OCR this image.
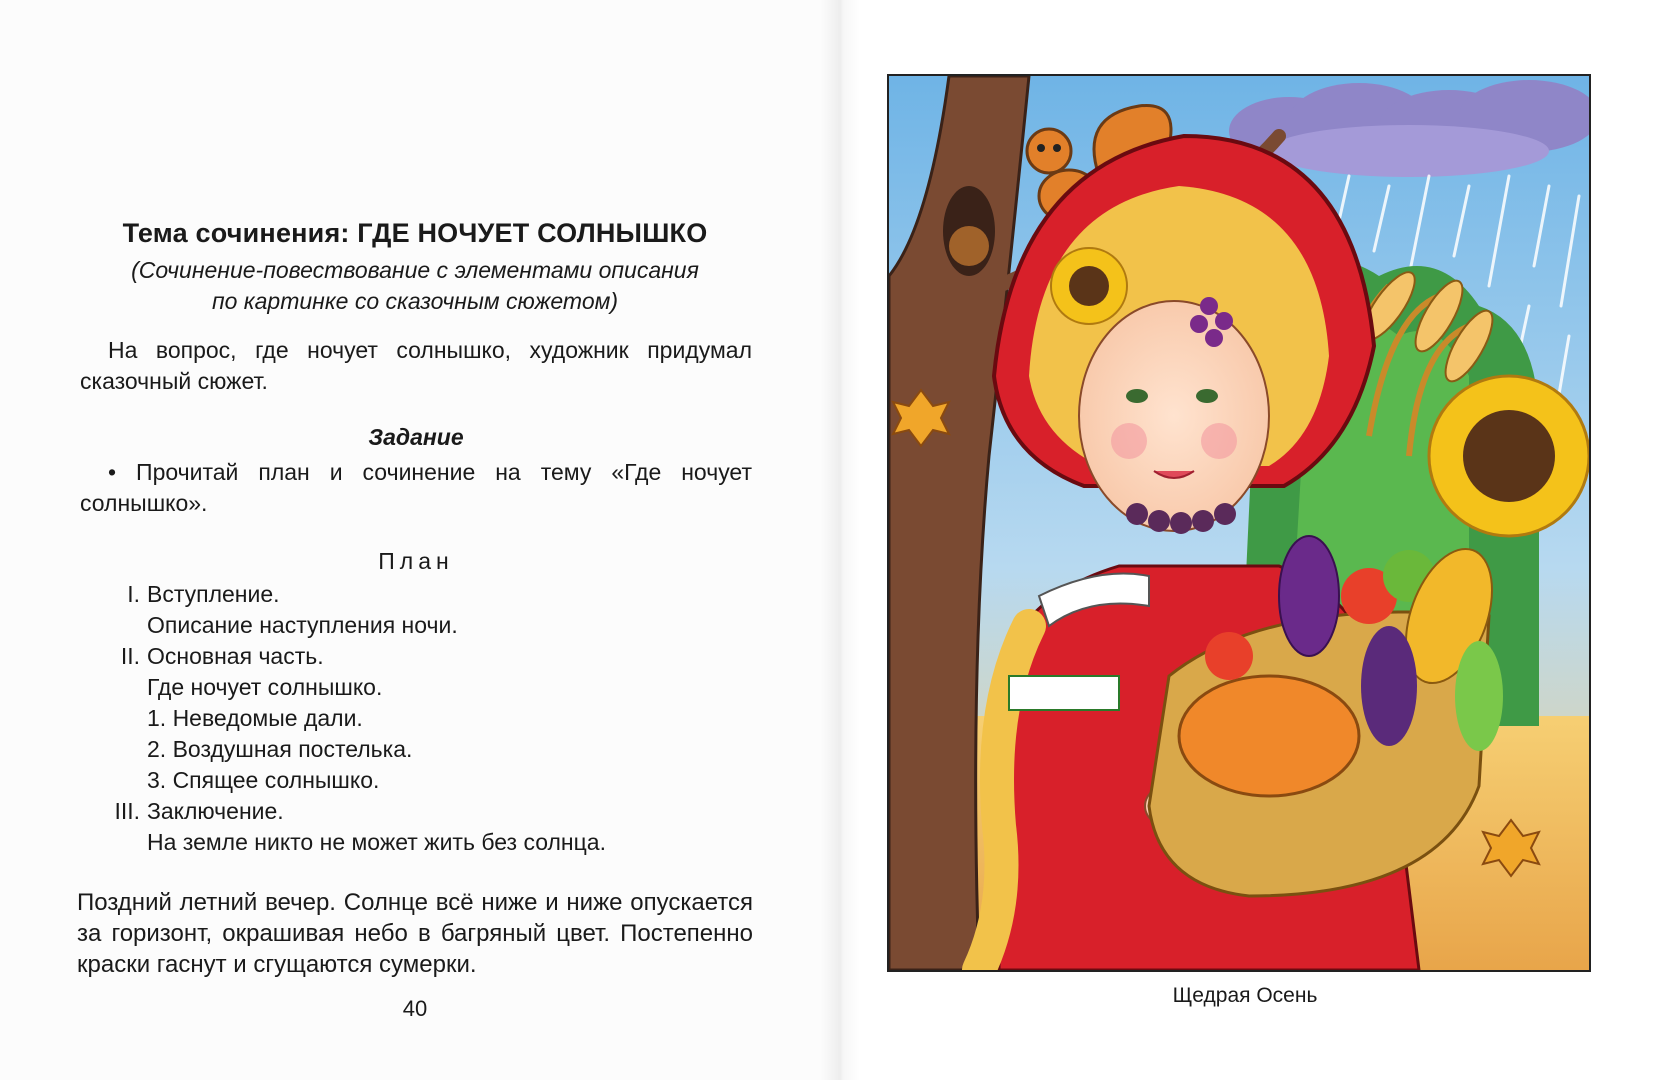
Тема сочинения: ГДЕ НОЧУЕТ СОЛНЫШКО
(Сочинение-повествование с элементами описания
по картинке со сказочным сюжетом)
На вопрос, где ночует солнышко, художник придумал сказочный сюжет.
Задание
• Прочитай план и сочинение на тему «Где ночует солнышко».
План
I. Вступление.
Описание наступления ночи.
II. Основная часть.
Где ночует солнышко.
1. Неведомые дали.
2. Воздушная постелька.
3. Спящее солнышко.
III. Заключение.
На земле никто не может жить без солнца.
Поздний летний вечер. Солнце всё ниже и ниже опускается за горизонт, окрашивая небо в багряный цвет. Постепенно краски гаснут и сгущаются сумерки.
40
Щедрая Осень
